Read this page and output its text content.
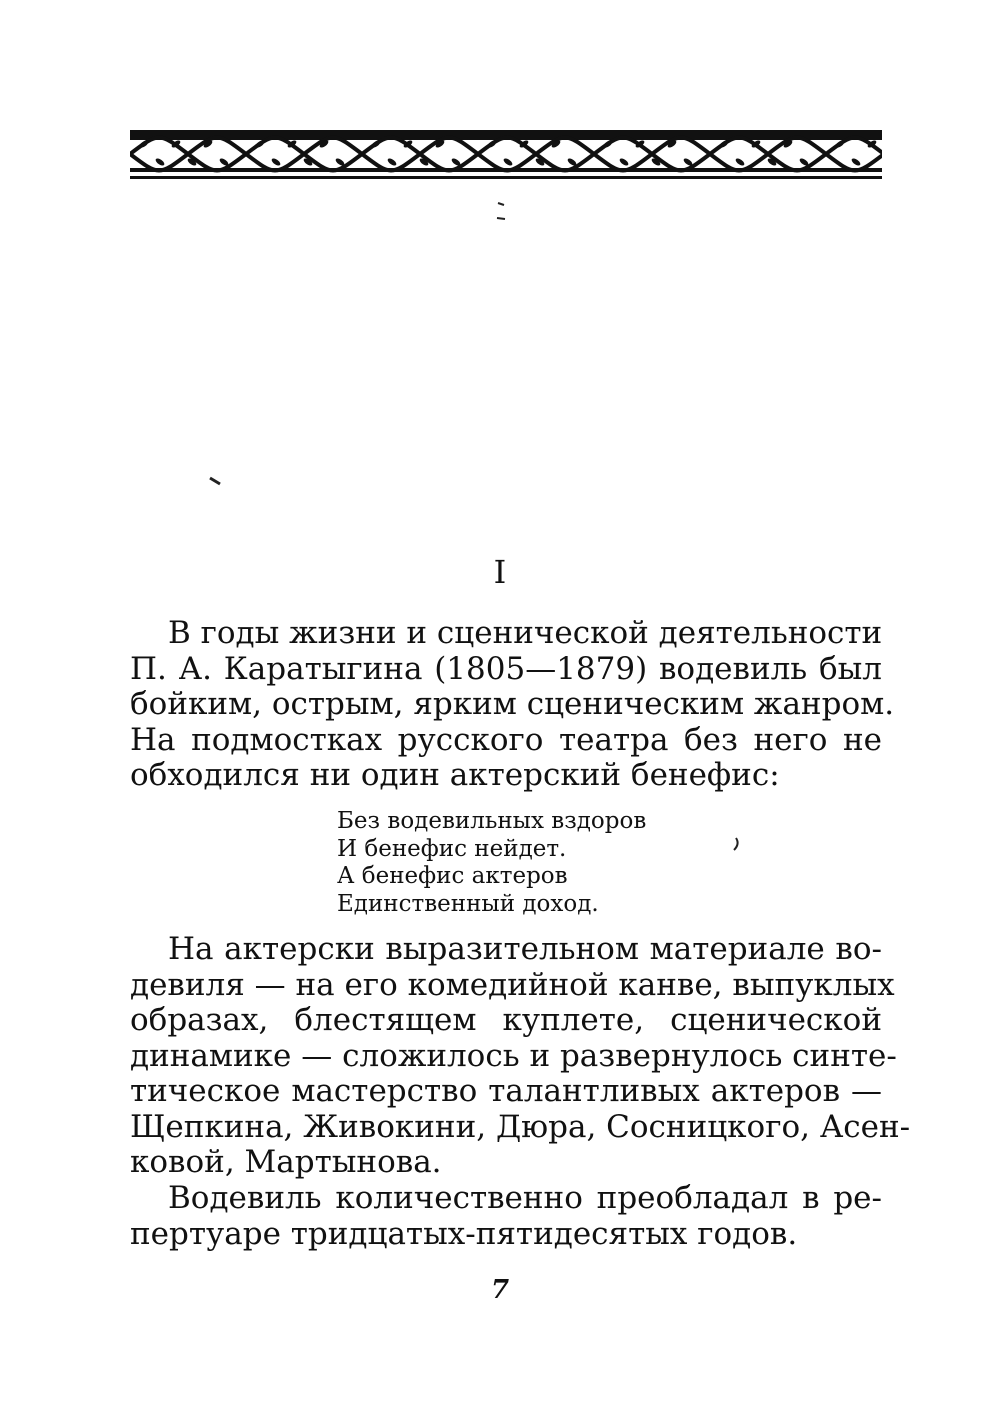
I
В годы жизни и сценической деятельности
П. А. Каратыгина (1805—1879) водевиль был
бойким, острым, ярким сценическим жанром.
На подмостках русского театра без него не
обходился ни один актерский бенефис:
Без водевильных вздоров
И бенефис нейдет.
А бенефис актеров
Единственный доход.
На актерски выразительном материале во-
девиля — на его комедийной канве, выпуклых
образах, блестящем куплете, сценической
динамике — сложилось и развернулось синте-
тическое мастерство талантливых актеров —
Щепкина, Живокини, Дюра, Сосницкого, Асен-
ковой, Мартынова.
Водевиль количественно преобладал в ре-
пертуаре тридцатых-пятидесятых годов.
7
